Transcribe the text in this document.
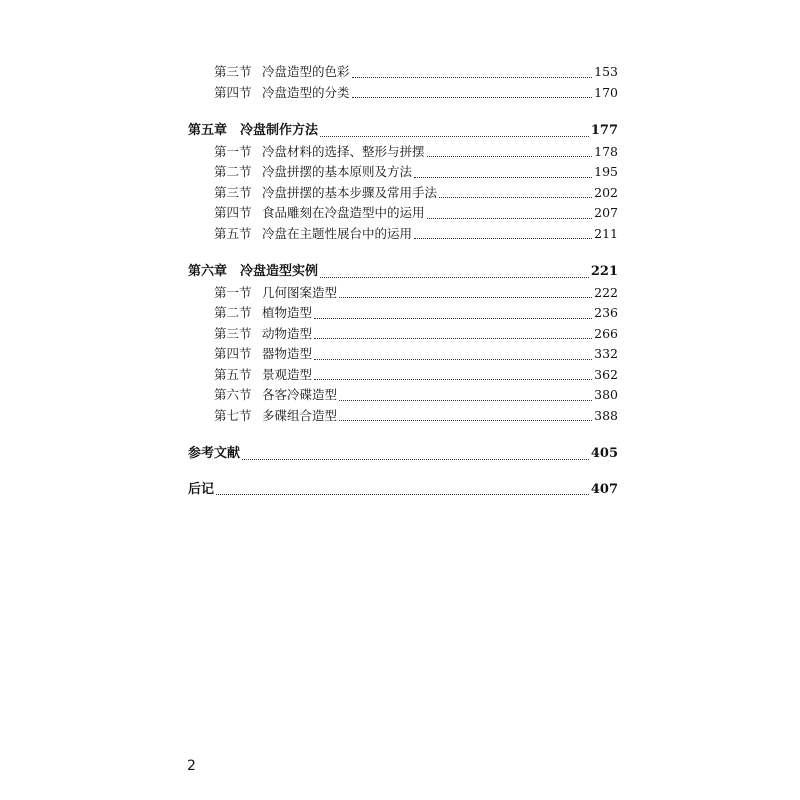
第三节 冷盘造型的色彩	153
第四节 冷盘造型的分类	170
第五章 冷盘制作方法	177
第一节 冷盘材料的选择、整形与拼摆	178
第二节 冷盘拼摆的基本原则及方法	195
第三节 冷盘拼摆的基本步骤及常用手法	202
第四节 食品雕刻在冷盘造型中的运用	207
第五节 冷盘在主题性展台中的运用	211
第六章 冷盘造型实例	221
第一节 几何图案造型	222
第二节 植物造型	236
第三节 动物造型	266
第四节 器物造型	332
第五节 景观造型	362
第六节 各客冷碟造型	380
第七节 多碟组合造型	388
参考文献	405
后记	407
2
